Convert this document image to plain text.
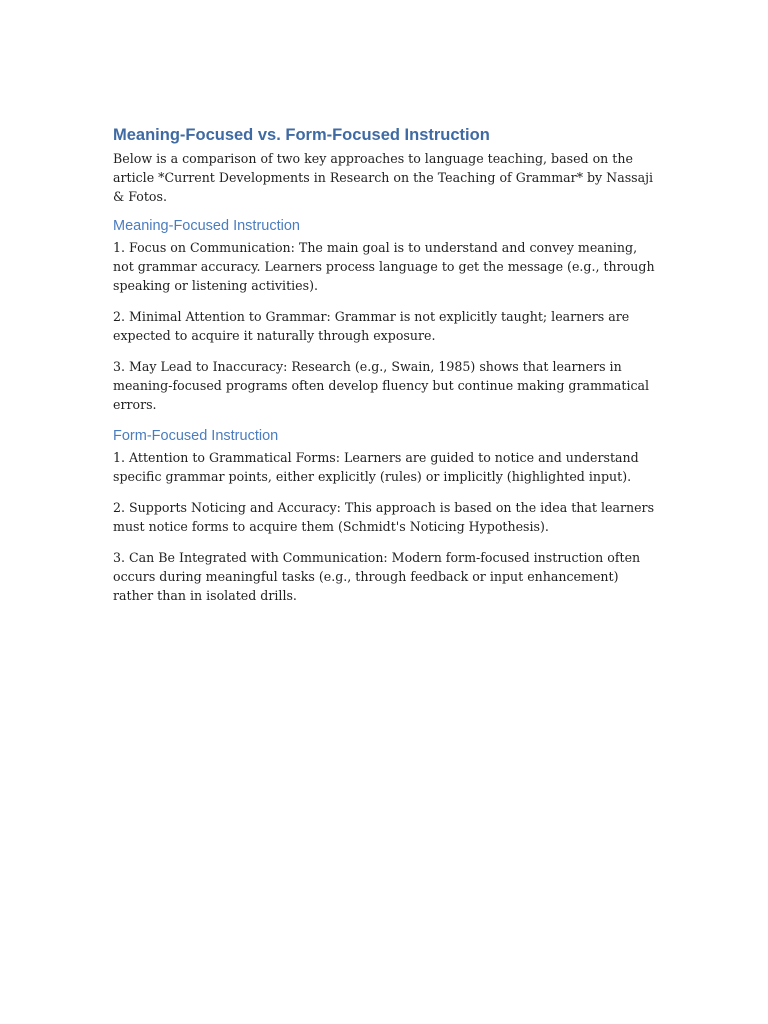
Meaning-Focused vs. Form-Focused Instruction

Below is a comparison of two key approaches to language teaching, based on the article *Current Developments in Research on the Teaching of Grammar* by Nassaji & Fotos.

Meaning-Focused Instruction

1. Focus on Communication: The main goal is to understand and convey meaning, not grammar accuracy. Learners process language to get the message (e.g., through speaking or listening activities).

2. Minimal Attention to Grammar: Grammar is not explicitly taught; learners are expected to acquire it naturally through exposure.

3. May Lead to Inaccuracy: Research (e.g., Swain, 1985) shows that learners in meaning-focused programs often develop fluency but continue making grammatical errors.

Form-Focused Instruction

1. Attention to Grammatical Forms: Learners are guided to notice and understand specific grammar points, either explicitly (rules) or implicitly (highlighted input).

2. Supports Noticing and Accuracy: This approach is based on the idea that learners must notice forms to acquire them (Schmidt's Noticing Hypothesis).

3. Can Be Integrated with Communication: Modern form-focused instruction often occurs during meaningful tasks (e.g., through feedback or input enhancement) rather than in isolated drills.
